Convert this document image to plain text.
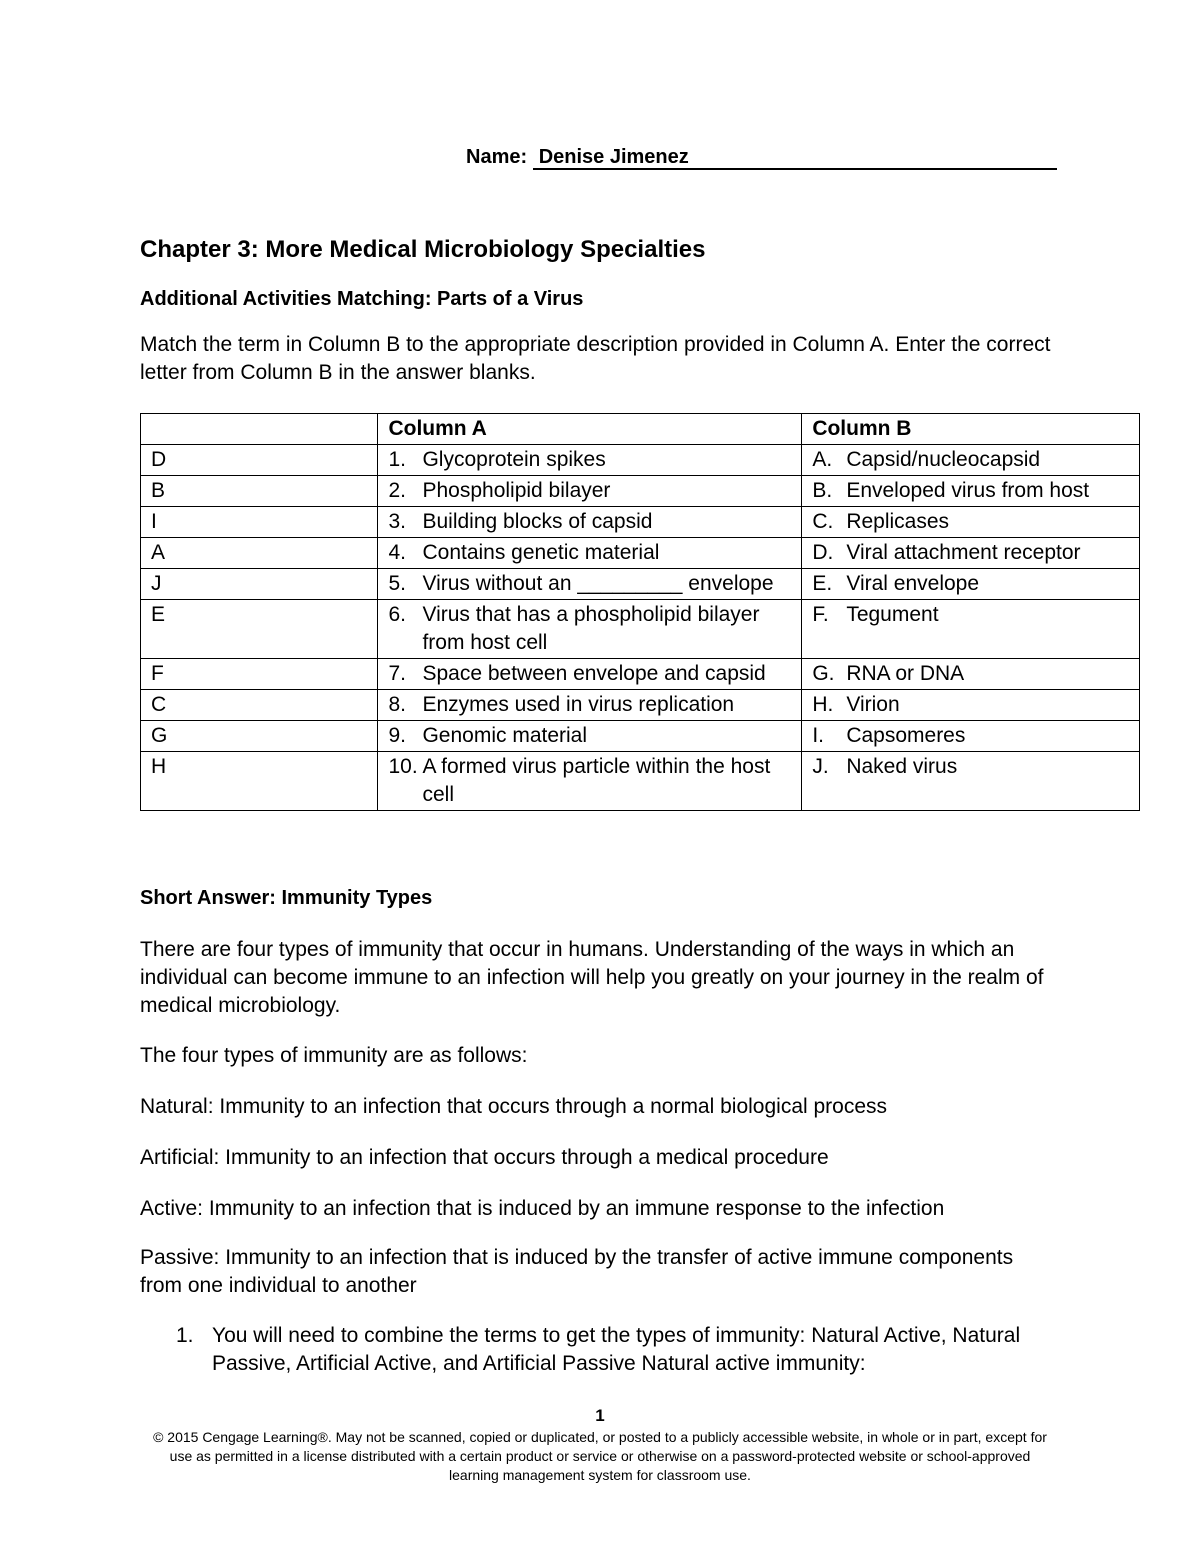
Name: Denise Jimenez
Chapter 3: More Medical Microbiology Specialties
Additional Activities Matching: Parts of a Virus

Match the term in Column B to the appropriate description provided in Column A. Enter the correct letter from Column B in the answer blanks.

	Column A	Column B
D	1. Glycoprotein spikes	A. Capsid/nucleocapsid

B	2. Phospholipid bilayer	B. Enveloped virus from host

I	3. Building blocks of capsid	C. Replicases

A	4. Contains genetic material	D. Viral attachment receptor

J	5. Virus without an _________ envelope	E. Viral envelope

E	6. Virus that has a phospholipid bilayer from host cell	F. Tegument

F	7. Space between envelope and capsid	G. RNA or DNA

C	8. Enzymes used in virus replication	H. Virion

G	9. Genomic material	I. Capsomeres

H	10. A formed virus particle within the host cell	J. Naked virus
Short Answer: Immunity Types

There are four types of immunity that occur in humans. Understanding of the ways in which an individual can become immune to an infection will help you greatly on your journey in the realm of medical microbiology.

The four types of immunity are as follows:

Natural: Immunity to an infection that occurs through a normal biological process

Artificial: Immunity to an infection that occurs through a medical procedure

Active: Immunity to an infection that is induced by an immune response to the infection

Passive: Immunity to an infection that is induced by the transfer of active immune components from one individual to another

1. You will need to combine the terms to get the types of immunity: Natural Active, Natural Passive, Artificial Active, and Artificial Passive Natural active immunity:
1
© 2015 Cengage Learning®. May not be scanned, copied or duplicated, or posted to a publicly accessible website, in whole or in part, except for use as permitted in a license distributed with a certain product or service or otherwise on a password-protected website or school-approved learning management system for classroom use.
